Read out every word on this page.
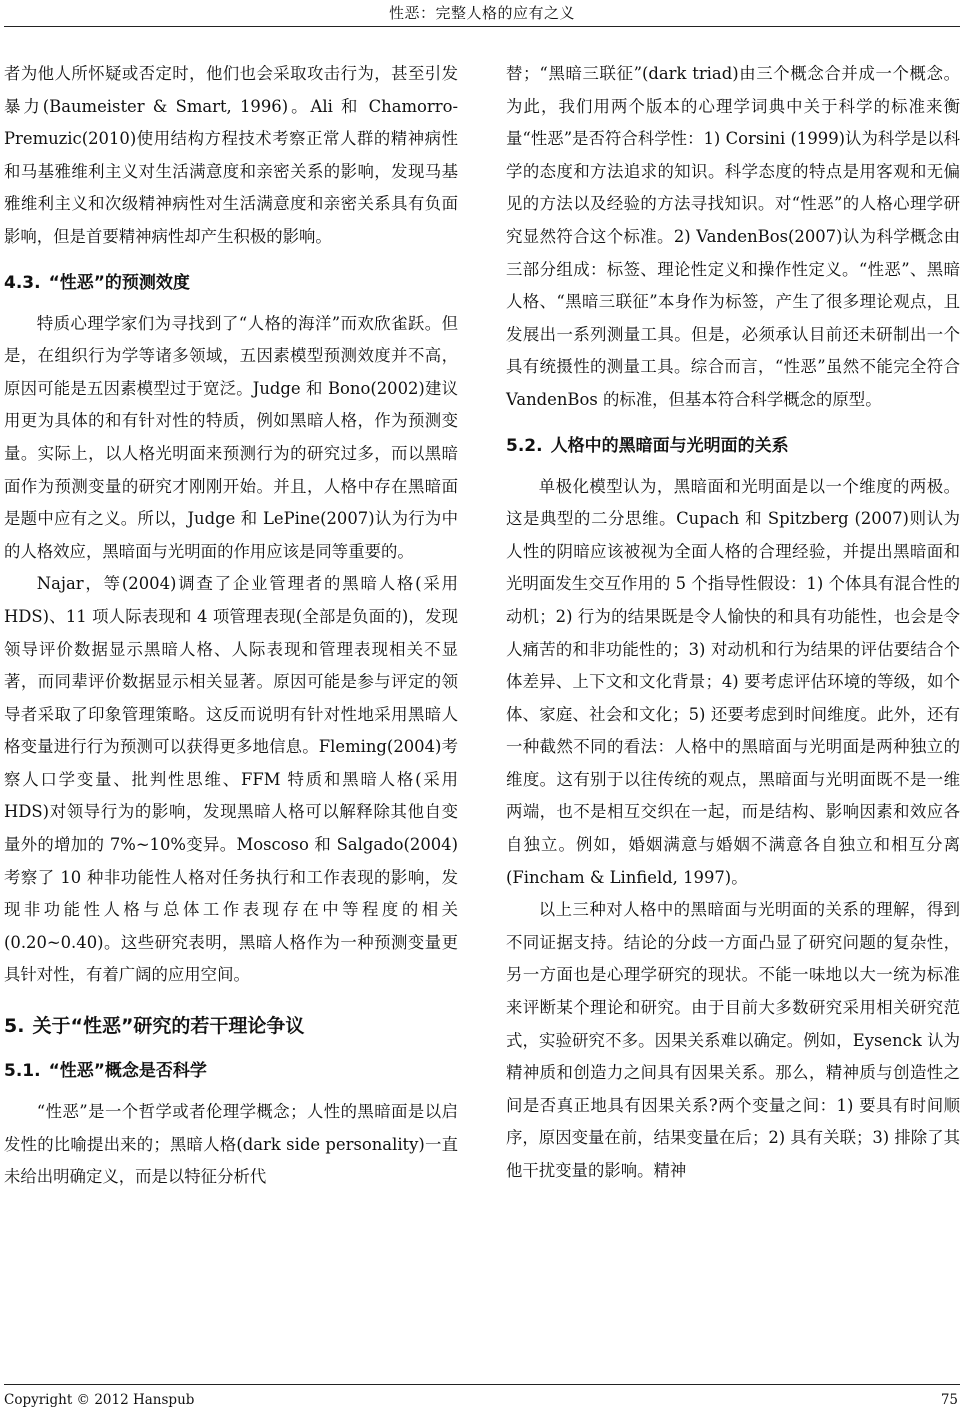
性恶：完整人格的应有之义

者为他人所怀疑或否定时，他们也会采取攻击行为，甚至引发暴力(Baumeister & Smart, 1996)。Ali 和 Chamorro-Premuzic(2010)使用结构方程技术考察正常人群的精神病性和马基雅维利主义对生活满意度和亲密关系的影响，发现马基雅维利主义和次级精神病性对生活满意度和亲密关系具有负面影响，但是首要精神病性却产生积极的影响。

4.3. “性恶”的预测效度

特质心理学家们为寻找到了“人格的海洋”而欢欣雀跃。但是，在组织行为学等诸多领域，五因素模型预测效度并不高，原因可能是五因素模型过于宽泛。Judge 和 Bono(2002)建议用更为具体的和有针对性的特质，例如黑暗人格，作为预测变量。实际上，以人格光明面来预测行为的研究过多，而以黑暗面作为预测变量的研究才刚刚开始。并且，人格中存在黑暗面是题中应有之义。所以，Judge 和 LePine(2007)认为行为中的人格效应，黑暗面与光明面的作用应该是同等重要的。

Najar，等(2004)调查了企业管理者的黑暗人格(采用 HDS)、11 项人际表现和 4 项管理表现(全部是负面的)，发现领导评价数据显示黑暗人格、人际表现和管理表现相关不显著，而同辈评价数据显示相关显著。原因可能是参与评定的领导者采取了印象管理策略。这反而说明有针对性地采用黑暗人格变量进行行为预测可以获得更多地信息。Fleming(2004)考察人口学变量、批判性思维、FFM 特质和黑暗人格(采用 HDS)对领导行为的影响，发现黑暗人格可以解释除其他自变量外的增加的 7%~10%变异。Moscoso 和 Salgado(2004)考察了 10 种非功能性人格对任务执行和工作表现的影响，发现非功能性人格与总体工作表现存在中等程度的相关(0.20~0.40)。这些研究表明，黑暗人格作为一种预测变量更具针对性，有着广阔的应用空间。

5. 关于“性恶”研究的若干理论争议
5.1. “性恶”概念是否科学

“性恶”是一个哲学或者伦理学概念；人性的黑暗面是以启发性的比喻提出来的；黑暗人格(dark side personality)一直未给出明确定义，而是以特征分析代

替；“黑暗三联征”(dark triad)由三个概念合并成一个概念。为此，我们用两个版本的心理学词典中关于科学的标准来衡量“性恶”是否符合科学性：1) Corsini (1999)认为科学是以科学的态度和方法追求的知识。科学态度的特点是用客观和无偏见的方法以及经验的方法寻找知识。对“性恶”的人格心理学研究显然符合这个标准。2) VandenBos(2007)认为科学概念由三部分组成：标签、理论性定义和操作性定义。“性恶”、黑暗人格、“黑暗三联征”本身作为标签，产生了很多理论观点，且发展出一系列测量工具。但是，必须承认目前还未研制出一个具有统摄性的测量工具。综合而言，“性恶”虽然不能完全符合 VandenBos 的标准，但基本符合科学概念的原型。

5.2. 人格中的黑暗面与光明面的关系

单极化模型认为，黑暗面和光明面是以一个维度的两极。这是典型的二分思维。Cupach 和 Spitzberg (2007)则认为人性的阴暗应该被视为全面人格的合理经验，并提出黑暗面和光明面发生交互作用的 5 个指导性假设：1) 个体具有混合性的动机；2) 行为的结果既是令人愉快的和具有功能性，也会是令人痛苦的和非功能性的；3) 对动机和行为结果的评估要结合个体差异、上下文和文化背景；4) 要考虑评估环境的等级，如个体、家庭、社会和文化；5) 还要考虑到时间维度。此外，还有一种截然不同的看法：人格中的黑暗面与光明面是两种独立的维度。这有别于以往传统的观点，黑暗面与光明面既不是一维两端，也不是相互交织在一起，而是结构、影响因素和效应各自独立。例如，婚姻满意与婚姻不满意各自独立和相互分离(Fincham & Linfield, 1997)。

以上三种对人格中的黑暗面与光明面的关系的理解，得到不同证据支持。结论的分歧一方面凸显了研究问题的复杂性，另一方面也是心理学研究的现状。不能一味地以大一统为标准来评断某个理论和研究。由于目前大多数研究采用相关研究范式，实验研究不多。因果关系难以确定。例如，Eysenck 认为精神质和创造力之间具有因果关系。那么，精神质与创造性之间是否真正地具有因果关系?两个变量之间：1) 要具有时间顺序，原因变量在前，结果变量在后；2) 具有关联；3) 排除了其他干扰变量的影响。精神

Copyright © 2012 Hanspub	75
